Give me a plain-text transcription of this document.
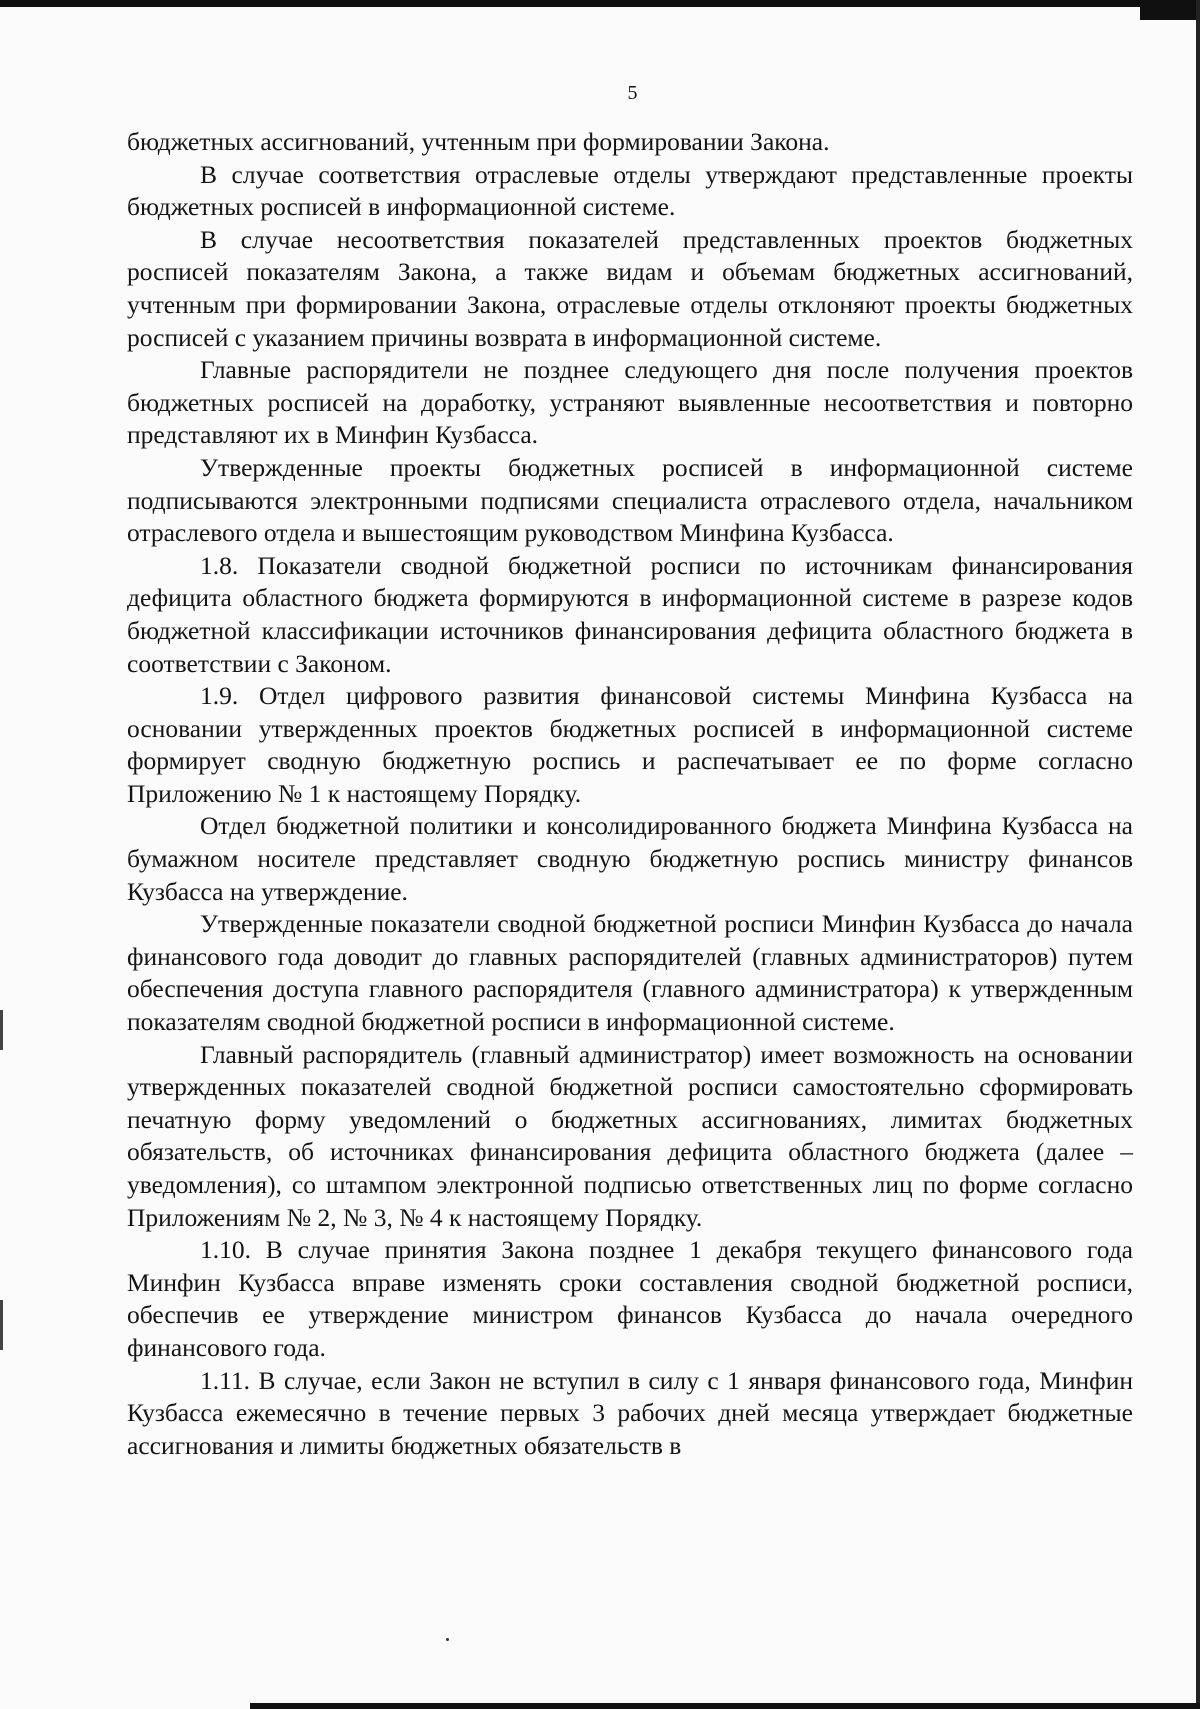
5

бюджетных ассигнований, учтенным при формировании Закона.

В случае соответствия отраслевые отделы утверждают представленные проекты бюджетных росписей в информационной системе.

В случае несоответствия показателей представленных проектов бюджетных росписей показателям Закона, а также видам и объемам бюджетных ассигнований, учтенным при формировании Закона, отраслевые отделы отклоняют проекты бюджетных росписей с указанием причины возврата в информационной системе.

Главные распорядители не позднее следующего дня после получения проектов бюджетных росписей на доработку, устраняют выявленные несоответствия и повторно представляют их в Минфин Кузбасса.

Утвержденные проекты бюджетных росписей в информационной системе подписываются электронными подписями специалиста отраслевого отдела, начальником отраслевого отдела и вышестоящим руководством Минфина Кузбасса.

1.8. Показатели сводной бюджетной росписи по источникам финансирования дефицита областного бюджета формируются в информационной системе в разрезе кодов бюджетной классификации источников финансирования дефицита областного бюджета в соответствии с Законом.

1.9. Отдел цифрового развития финансовой системы Минфина Кузбасса на основании утвержденных проектов бюджетных росписей в информационной системе формирует сводную бюджетную роспись и распечатывает ее по форме согласно Приложению № 1 к настоящему Порядку.

Отдел бюджетной политики и консолидированного бюджета Минфина Кузбасса на бумажном носителе представляет сводную бюджетную роспись министру финансов Кузбасса на утверждение.

Утвержденные показатели сводной бюджетной росписи Минфин Кузбасса до начала финансового года доводит до главных распорядителей (главных администраторов) путем обеспечения доступа главного распорядителя (главного администратора) к утвержденным показателям сводной бюджетной росписи в информационной системе.

Главный распорядитель (главный администратор) имеет возможность на основании утвержденных показателей сводной бюджетной росписи самостоятельно сформировать печатную форму уведомлений о бюджетных ассигнованиях, лимитах бюджетных обязательств, об источниках финансирования дефицита областного бюджета (далее – уведомления), со штампом электронной подписью ответственных лиц по форме согласно Приложениям № 2, № 3, № 4 к настоящему Порядку.

1.10. В случае принятия Закона позднее 1 декабря текущего финансового года Минфин Кузбасса вправе изменять сроки составления сводной бюджетной росписи, обеспечив ее утверждение министром финансов Кузбасса до начала очередного финансового года.

1.11. В случае, если Закон не вступил в силу с 1 января финансового года, Минфин Кузбасса ежемесячно в течение первых 3 рабочих дней месяца утверждает бюджетные ассигнования и лимиты бюджетных обязательств в
